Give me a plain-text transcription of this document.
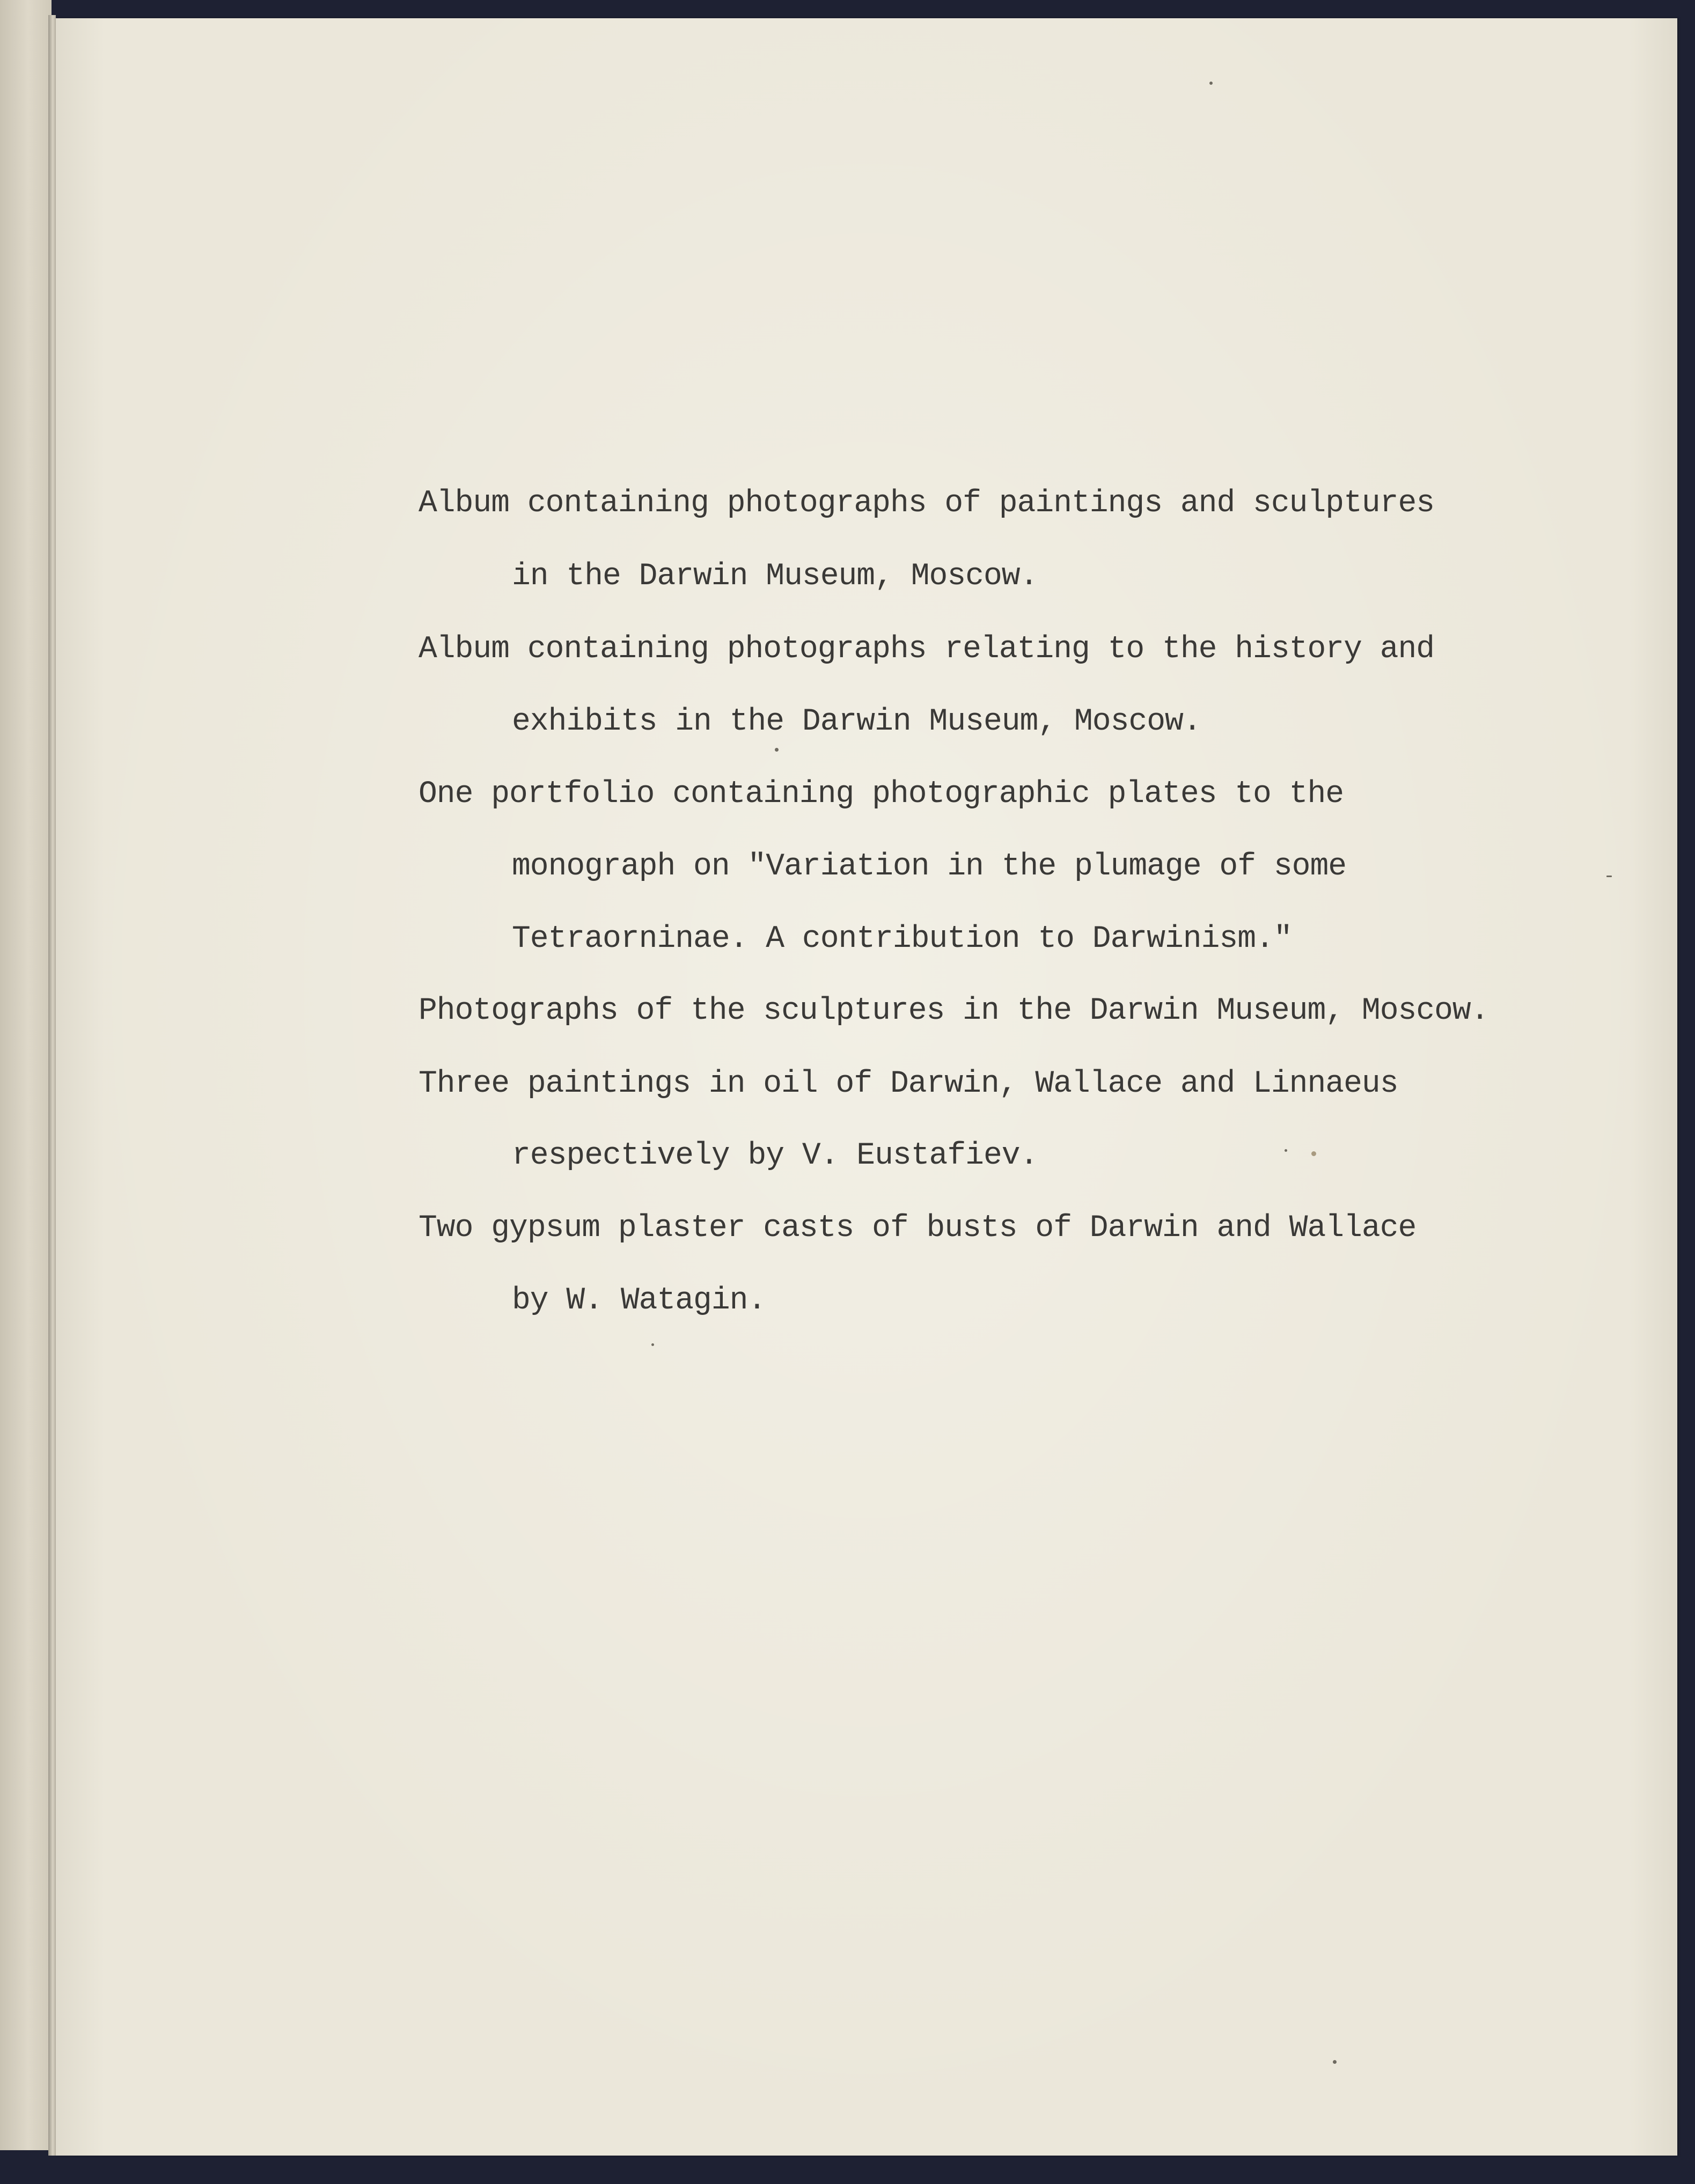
Album containing photographs of paintings and sculptures
in the Darwin Museum, Moscow.
Album containing photographs relating to the history and
exhibits in the Darwin Museum, Moscow.
One portfolio containing photographic plates to the
monograph on "Variation in the plumage of some
Tetraorninae. A contribution to Darwinism."
Photographs of the sculptures in the Darwin Museum, Moscow.
Three paintings in oil of Darwin, Wallace and Linnaeus
respectively by V. Eustafiev.
Two gypsum plaster casts of busts of Darwin and Wallace
by W. Watagin.
